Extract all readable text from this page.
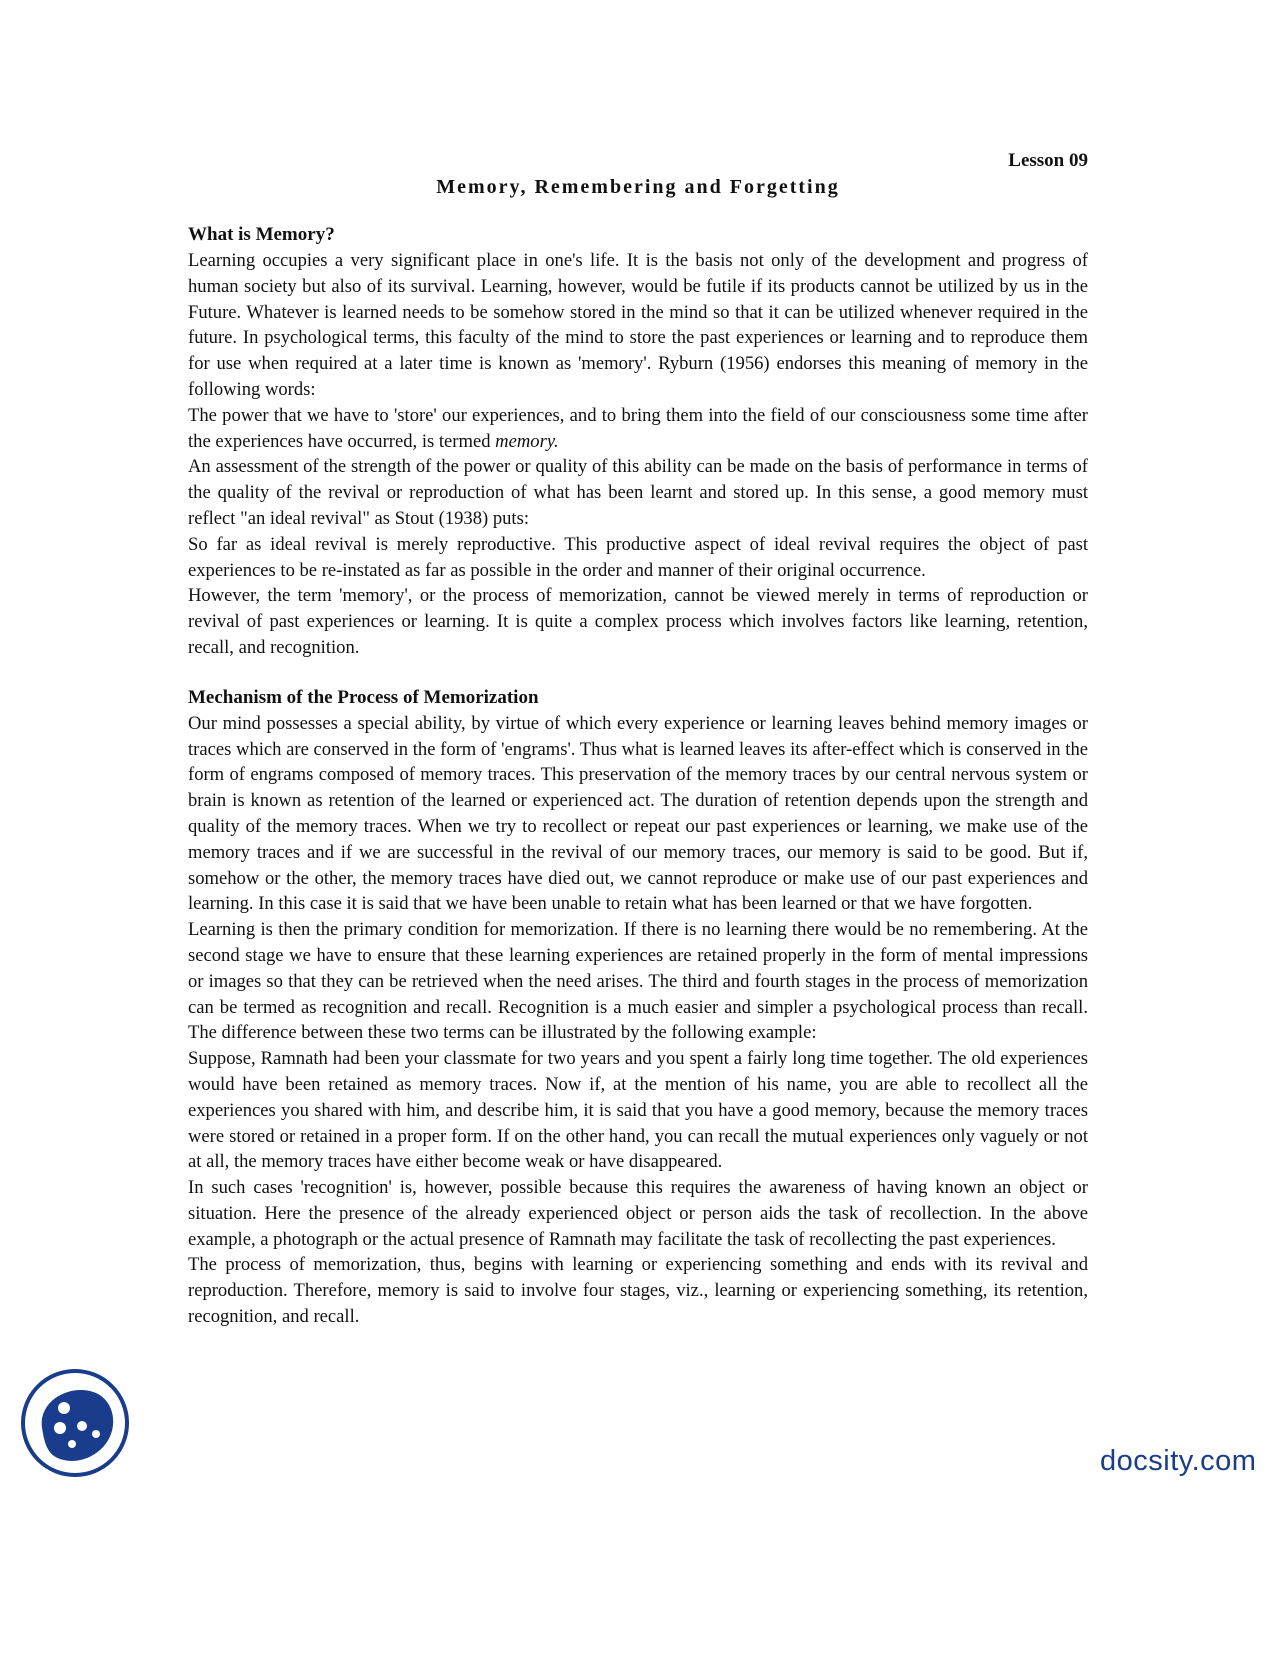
Lesson 09

Memory, Remembering and Forgetting

What is Memory?

Learning occupies a very significant place in one's life. It is the basis not only of the development and progress of human society but also of its survival. Learning, however, would be futile if its products cannot be utilized by us in the Future. Whatever is learned needs to be somehow stored in the mind so that it can be utilized whenever required in the future. In psychological terms, this faculty of the mind to store the past experiences or learning and to reproduce them for use when required at a later time is known as 'memory'. Ryburn (1956) endorses this meaning of memory in the following words:

The power that we have to 'store' our experiences, and to bring them into the field of our consciousness some time after the experiences have occurred, is termed memory.

An assessment of the strength of the power or quality of this ability can be made on the basis of performance in terms of the quality of the revival or reproduction of what has been learnt and stored up. In this sense, a good memory must reflect "an ideal revival" as Stout (1938) puts:

So far as ideal revival is merely reproductive. This productive aspect of ideal revival requires the object of past experiences to be re-instated as far as possible in the order and manner of their original occurrence.

However, the term 'memory', or the process of memorization, cannot be viewed merely in terms of reproduction or revival of past experiences or learning. It is quite a complex process which involves factors like learning, retention, recall, and recognition.

Mechanism of the Process of Memorization

Our mind possesses a special ability, by virtue of which every experience or learning leaves behind memory images or traces which are conserved in the form of 'engrams'. Thus what is learned leaves its after-effect which is conserved in the form of engrams composed of memory traces. This preservation of the memory traces by our central nervous system or brain is known as retention of the learned or experienced act. The duration of retention depends upon the strength and quality of the memory traces. When we try to recollect or repeat our past experiences or learning, we make use of the memory traces and if we are successful in the revival of our memory traces, our memory is said to be good. But if, somehow or the other, the memory traces have died out, we cannot reproduce or make use of our past experiences and learning. In this case it is said that we have been unable to retain what has been learned or that we have forgotten.

Learning is then the primary condition for memorization. If there is no learning there would be no remembering. At the second stage we have to ensure that these learning experiences are retained properly in the form of mental impressions or images so that they can be retrieved when the need arises. The third and fourth stages in the process of memorization can be termed as recognition and recall. Recognition is a much easier and simpler a psychological process than recall. The difference between these two terms can be illustrated by the following example:

Suppose, Ramnath had been your classmate for two years and you spent a fairly long time together. The old experiences would have been retained as memory traces. Now if, at the mention of his name, you are able to recollect all the experiences you shared with him, and describe him, it is said that you have a good memory, because the memory traces were stored or retained in a proper form. If on the other hand, you can recall the mutual experiences only vaguely or not at all, the memory traces have either become weak or have disappeared.

In such cases 'recognition' is, however, possible because this requires the awareness of having known an object or situation. Here the presence of the already experienced object or person aids the task of recollection. In the above example, a photograph or the actual presence of Ramnath may facilitate the task of recollecting the past experiences.

The process of memorization, thus, begins with learning or experiencing something and ends with its revival and reproduction. Therefore, memory is said to involve four stages, viz., learning or experiencing something, its retention, recognition, and recall.

docsity.com
